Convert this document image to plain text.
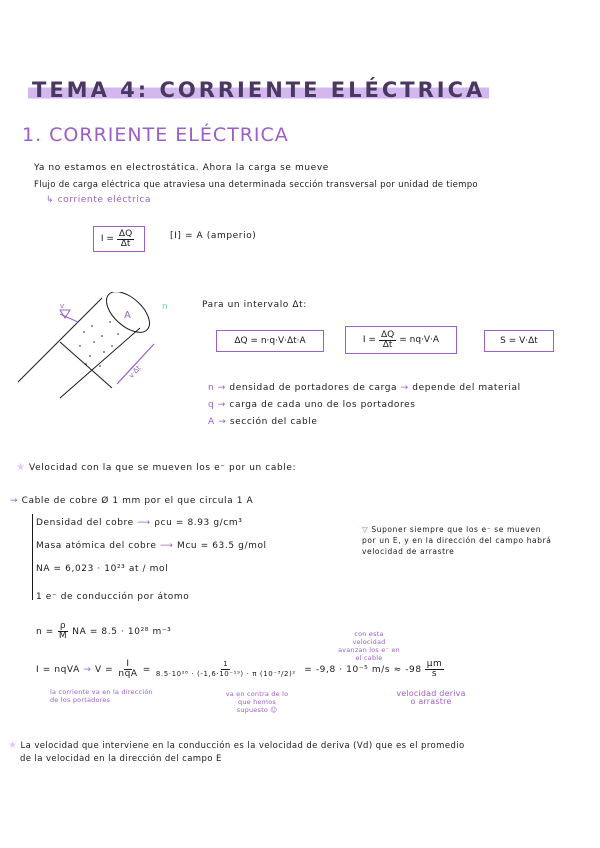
TEMA 4: CORRIENTE ELÉCTRICA
1. CORRIENTE ELÉCTRICA
Ya no estamos en electrostática. Ahora la carga se mueve
Flujo de carga eléctrica que atraviesa una determinada sección transversal por unidad de tiempo
↳ corriente eléctrica
$I = \frac{\Delta Q}{\Delta t}$	[I] = A (amperio)
A
v
v·Δt
n	Para un intervalo Δt:
ΔQ = n·q·V·Δt·A	$I = \frac{\Delta Q}{\Delta t} = nq\cdot V\cdot A$	S = V·Δt
n → densidad de portadores de carga → depende del material
q → carga de cada uno de los portadores
A → sección del cable
★ Velocidad con la que se mueven los e⁻ por un cable:
→ Cable de cobre Ø 1 mm por el que circula 1 A
Densidad del cobre ⟶ ρcu = 8.93 g/cm³
Masa atómica del cobre ⟶ Mcu = 63.5 g/mol
NA = 6,023 · 10²³ at / mol
1 e⁻ de conducción por átomo
▽ Suponer siempre que los e⁻ se mueven por un E, y en la dirección del campo habrá velocidad de arrastre
$n = \frac{\rho}{M}$ NA = 8.5 · 10²⁸ m⁻³
I = nqVA → $V = \frac{I}{\text{nqA}} = \frac{1}{\text{8.5·10²⁸ · (-1,6·10⁻¹⁹) · π (10⁻³/2)²}}$
= -9,8 · 10⁻⁵ $m/s \approx -98 \frac{\mu m}{s}$
con esta velocidad avanzan los e⁻ en el cable
la corriente va en la dirección de los portadores
va en contra de lo que hemos supuesto ☺
velocidad deriva o arrastre
★ La velocidad que interviene en la conducción es la velocidad de deriva (Vd) que es el promedio
de la velocidad en la dirección del campo E
